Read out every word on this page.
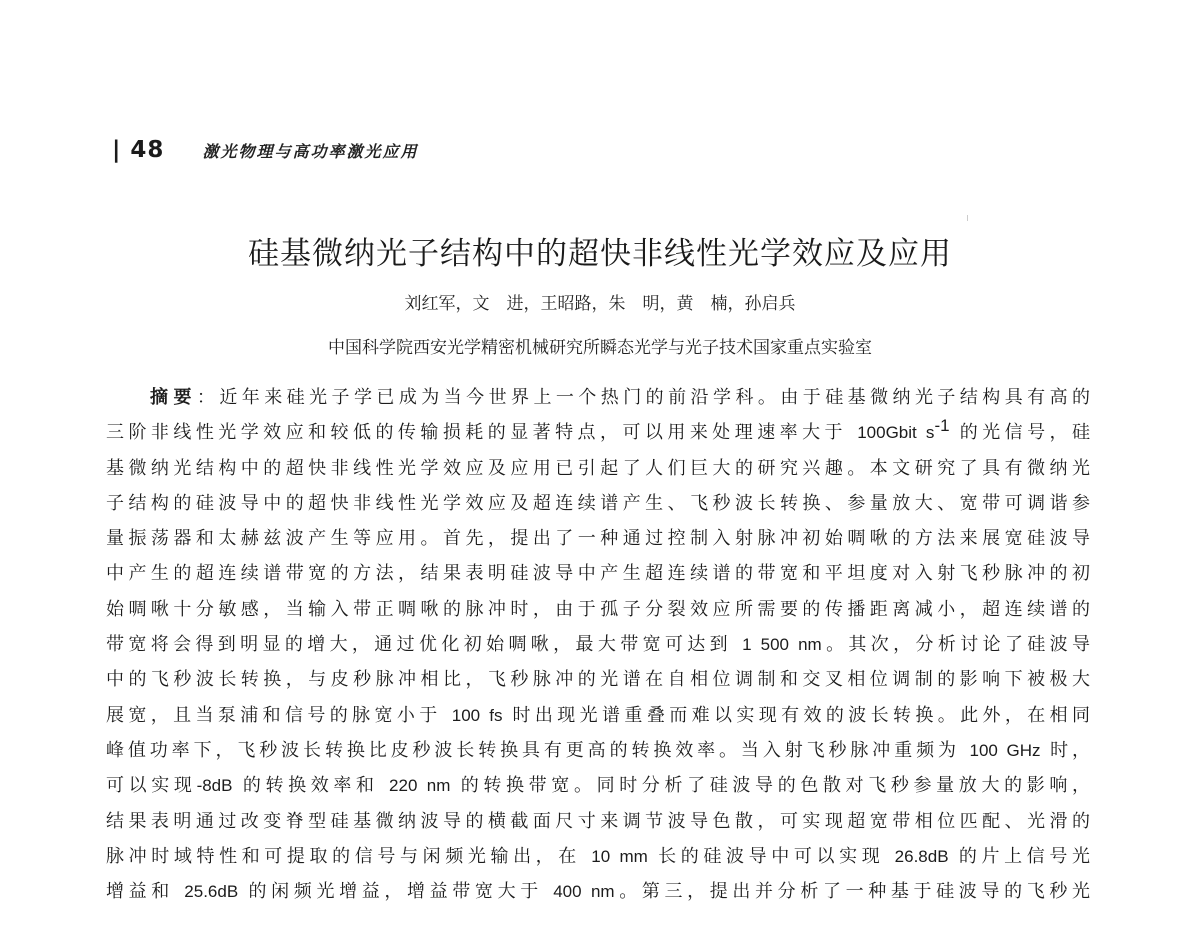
| 48 激光物理与高功率激光应用
硅基微纳光子结构中的超快非线性光学效应及应用
刘红军，文　进，王昭路，朱　明，黄　楠，孙启兵
中国科学院西安光学精密机械研究所瞬态光学与光子技术国家重点实验室
摘要：近年来硅光子学已成为当今世界上一个热门的前沿学科。由于硅基微纳光子结构具有高的
三阶非线性光学效应和较低的传输损耗的显著特点，可以用来处理速率大于 100Gbit $s^{-1}$ 的光信号，硅
基微纳光结构中的超快非线性光学效应及应用已引起了人们巨大的研究兴趣。本文研究了具有微纳光
子结构的硅波导中的超快非线性光学效应及超连续谱产生、飞秒波长转换、参量放大、宽带可调谐参
量振荡器和太赫兹波产生等应用。首先，提出了一种通过控制入射脉冲初始啁啾的方法来展宽硅波导
中产生的超连续谱带宽的方法，结果表明硅波导中产生超连续谱的带宽和平坦度对入射飞秒脉冲的初
始啁啾十分敏感，当输入带正啁啾的脉冲时，由于孤子分裂效应所需要的传播距离减小，超连续谱的
带宽将会得到明显的增大，通过优化初始啁啾，最大带宽可达到 1 500 nm。其次，分析讨论了硅波导
中的飞秒波长转换，与皮秒脉冲相比，飞秒脉冲的光谱在自相位调制和交叉相位调制的影响下被极大
展宽，且当泵浦和信号的脉宽小于 100 fs 时出现光谱重叠而难以实现有效的波长转换。此外，在相同
峰值功率下，飞秒波长转换比皮秒波长转换具有更高的转换效率。当入射飞秒脉冲重频为 100 GHz 时，
可以实现-8dB 的转换效率和 220 nm 的转换带宽。同时分析了硅波导的色散对飞秒参量放大的影响，
结果表明通过改变脊型硅基微纳波导的横截面尺寸来调节波导色散，可实现超宽带相位匹配、光滑的
脉冲时域特性和可提取的信号与闲频光输出，在 10 mm 长的硅波导中可以实现 26.8dB 的片上信号光
增益和 25.6dB 的闲频光增益，增益带宽大于 400 nm。第三，提出并分析了一种基于硅波导的飞秒光
